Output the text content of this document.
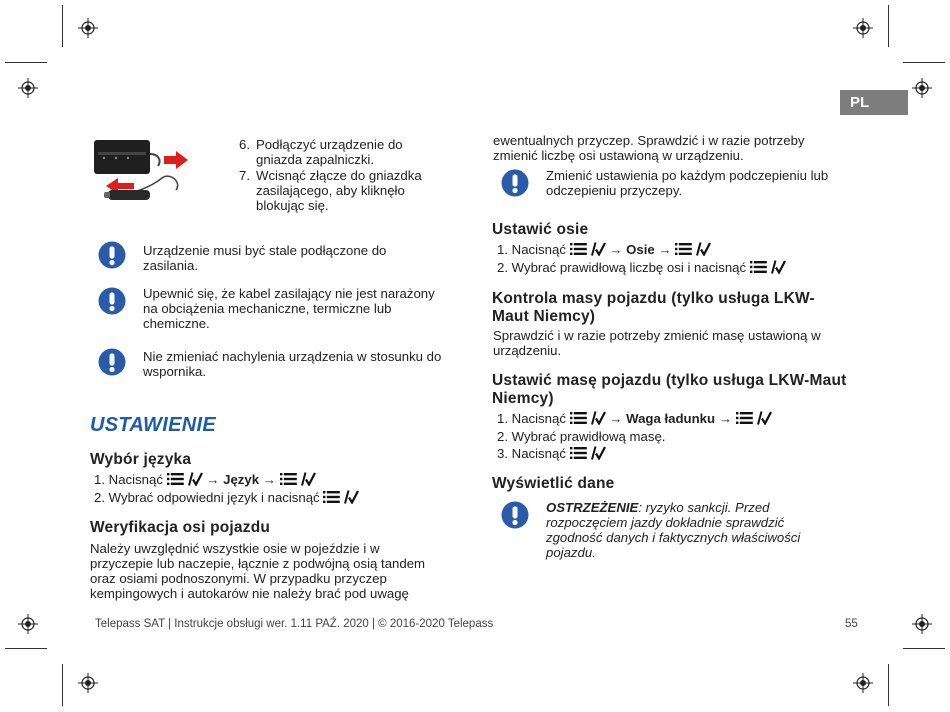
PL
6. Podłączyć urządzenie do gniazda zapalniczki.
7. Wcisnąć złącze do gniazdka zasilającego, aby kliknęło blokując się.
Urządzenie musi być stale podłączone do zasilania.
Upewnić się, że kabel zasilający nie jest narażony na obciążenia mechaniczne, termiczne lub chemiczne.
Nie zmieniać nachylenia urządzenia w stosunku do wspornika.
USTAWIENIE
Wybór języka
1. Nacisnąć	→ Język →
2. Wybrać odpowiedni język i nacisnąć
Weryfikacja osi pojazdu
Należy uwzględnić wszystkie osie w pojeździe i w przyczepie lub naczepie, łącznie z podwójną osią tandem oraz osiami podnoszonymi. W przypadku przyczep kempingowych i autokarów nie należy brać pod uwagę
ewentualnych przyczep. Sprawdzić i w razie potrzeby zmienić liczbę osi ustawioną w urządzeniu.
Zmienić ustawienia po każdym podczepieniu lub odczepieniu przyczepy.
Ustawić osie
1. Nacisnąć	→ Osie →
2. Wybrać prawidłową liczbę osi i nacisnąć
Kontrola masy pojazdu (tylko usługa LKW-Maut Niemcy)
Sprawdzić i w razie potrzeby zmienić masę ustawioną w urządzeniu.
Ustawić masę pojazdu (tylko usługa LKW-Maut Niemcy)
1. Nacisnąć	→ Waga ładunku →
2. Wybrać prawidłową masę.
3. Nacisnąć
Wyświetlić dane
OSTRZEŻENIE: ryzyko sankcji. Przed rozpoczęciem jazdy dokładnie sprawdzić zgodność danych i faktycznych właściwości pojazdu.
Telepass SAT | Instrukcje obsługi wer. 1.11 PAŹ. 2020 | © 2016-2020 Telepass	55
